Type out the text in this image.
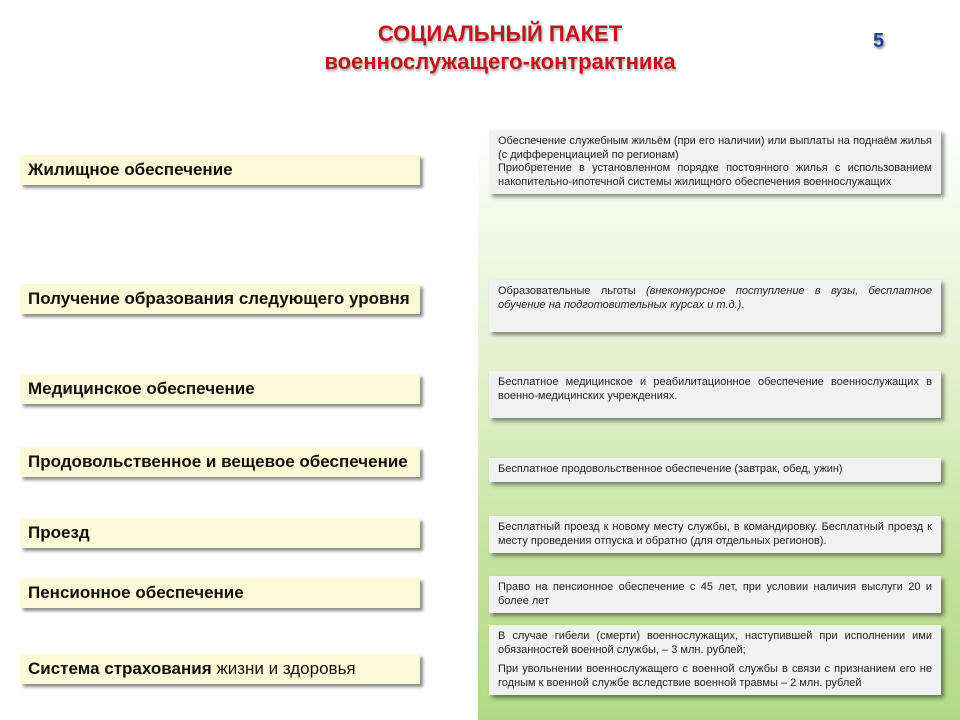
СОЦИАЛЬНЫЙ ПАКЕТ
военнослужащего-контрактника
5
Жилищное обеспечение
Получение образования следующего уровня
Медицинское обеспечение
Продовольственное и вещевое обеспечение
Проезд
Пенсионное обеспечение
Система страхования жизни и здоровья

Обеспечение служебным жильём (при его наличии) или выплаты на поднаём жилья (с дифференциацией по регионам)

Приобретение в установленном порядке постоянного жилья с использованием накопительно-ипотечной системы жилищного обеспечения военнослужащих

Образовательные льготы (внеконкурсное поступление в вузы, бесплатное обучение на подготовительных курсах и т.д.).

Бесплатное медицинское и реабилитационное обеспечение военнослужащих в военно-медицинских учреждениях.

Бесплатное продовольственное обеспечение (завтрак, обед, ужин)

Бесплатный проезд к новому месту службы, в командировку. Бесплатный проезд к месту проведения отпуска и обратно (для отдельных регионов).

Право на пенсионное обеспечение с 45 лет, при условии наличия выслуги 20 и более лет

В случае гибели (смерти) военнослужащих, наступившей при исполнении ими обязанностей военной службы, – 3 млн. рублей;

При увольнении военнослужащего с военной службы в связи с признанием его не годным к военной службе вследствие военной травмы – 2 млн. рублей
